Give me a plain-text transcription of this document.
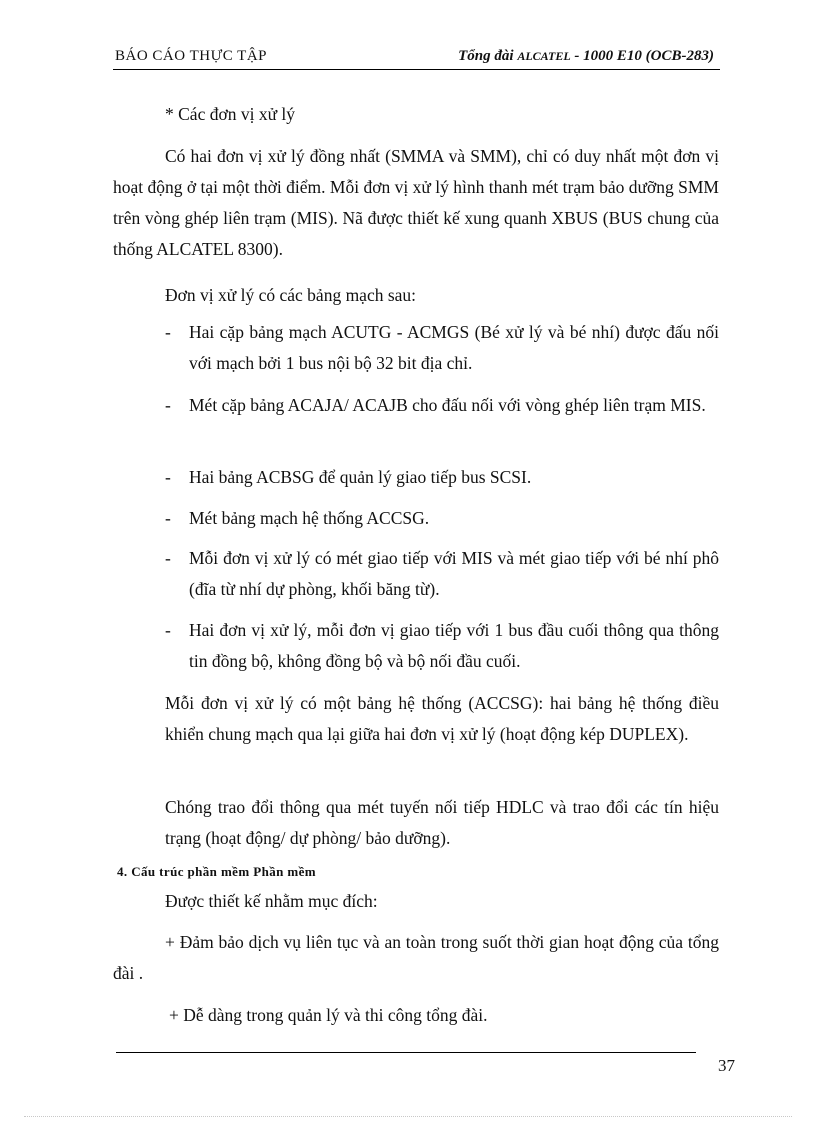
BÁO CÁO THỰC TẬP	Tổng đài ALCATEL - 1000 E10 (OCB-283)

* Các đơn vị xử lý

Có hai đơn vị xử lý đồng nhất (SMMA và SMM), chỉ có duy nhất một đơn vị hoạt động ở tại một thời điểm. Mỗi đơn vị xử lý hình thanh mét trạm bảo dưỡng SMM trên vòng ghép liên trạm (MIS). Nã được thiết kế xung quanh XBUS (BUS chung của thống ALCATEL 8300).

Đơn vị xử lý có các bảng mạch sau:

- Hai cặp bảng mạch ACUTG - ACMGS (Bé xử lý và bé nhí) được đấu nối với mạch bởi 1 bus nội bộ 32 bit địa chỉ.
- Mét cặp bảng ACAJA/ ACAJB cho đấu nối với vòng ghép liên trạm MIS.
- Hai bảng ACBSG để quản lý giao tiếp bus SCSI.
- Mét bảng mạch hệ thống ACCSG.
- Mỗi đơn vị xử lý có mét giao tiếp với MIS và mét giao tiếp với bé nhí phô (đĩa từ nhí dự phòng, khối băng từ).
- Hai đơn vị xử lý, mỗi đơn vị giao tiếp với 1 bus đầu cuối thông qua thông tin đồng bộ, không đồng bộ và bộ nối đầu cuối.

Mỗi đơn vị xử lý có một bảng hệ thống (ACCSG): hai bảng hệ thống điều khiển chung mạch qua lại giữa hai đơn vị xử lý (hoạt động kép DUPLEX).

Chóng trao đổi thông qua mét tuyến nối tiếp HDLC và trao đổi các tín hiệu trạng (hoạt động/ dự phòng/ bảo dưỡng).

4. Cấu trúc phần mềm Phần mềm

Được thiết kế nhằm mục đích:

+ Đảm bảo dịch vụ liên tục và an toàn trong suốt thời gian hoạt động của tổng đài .

+ Dễ dàng trong quản lý và thi công tổng đài.

37
